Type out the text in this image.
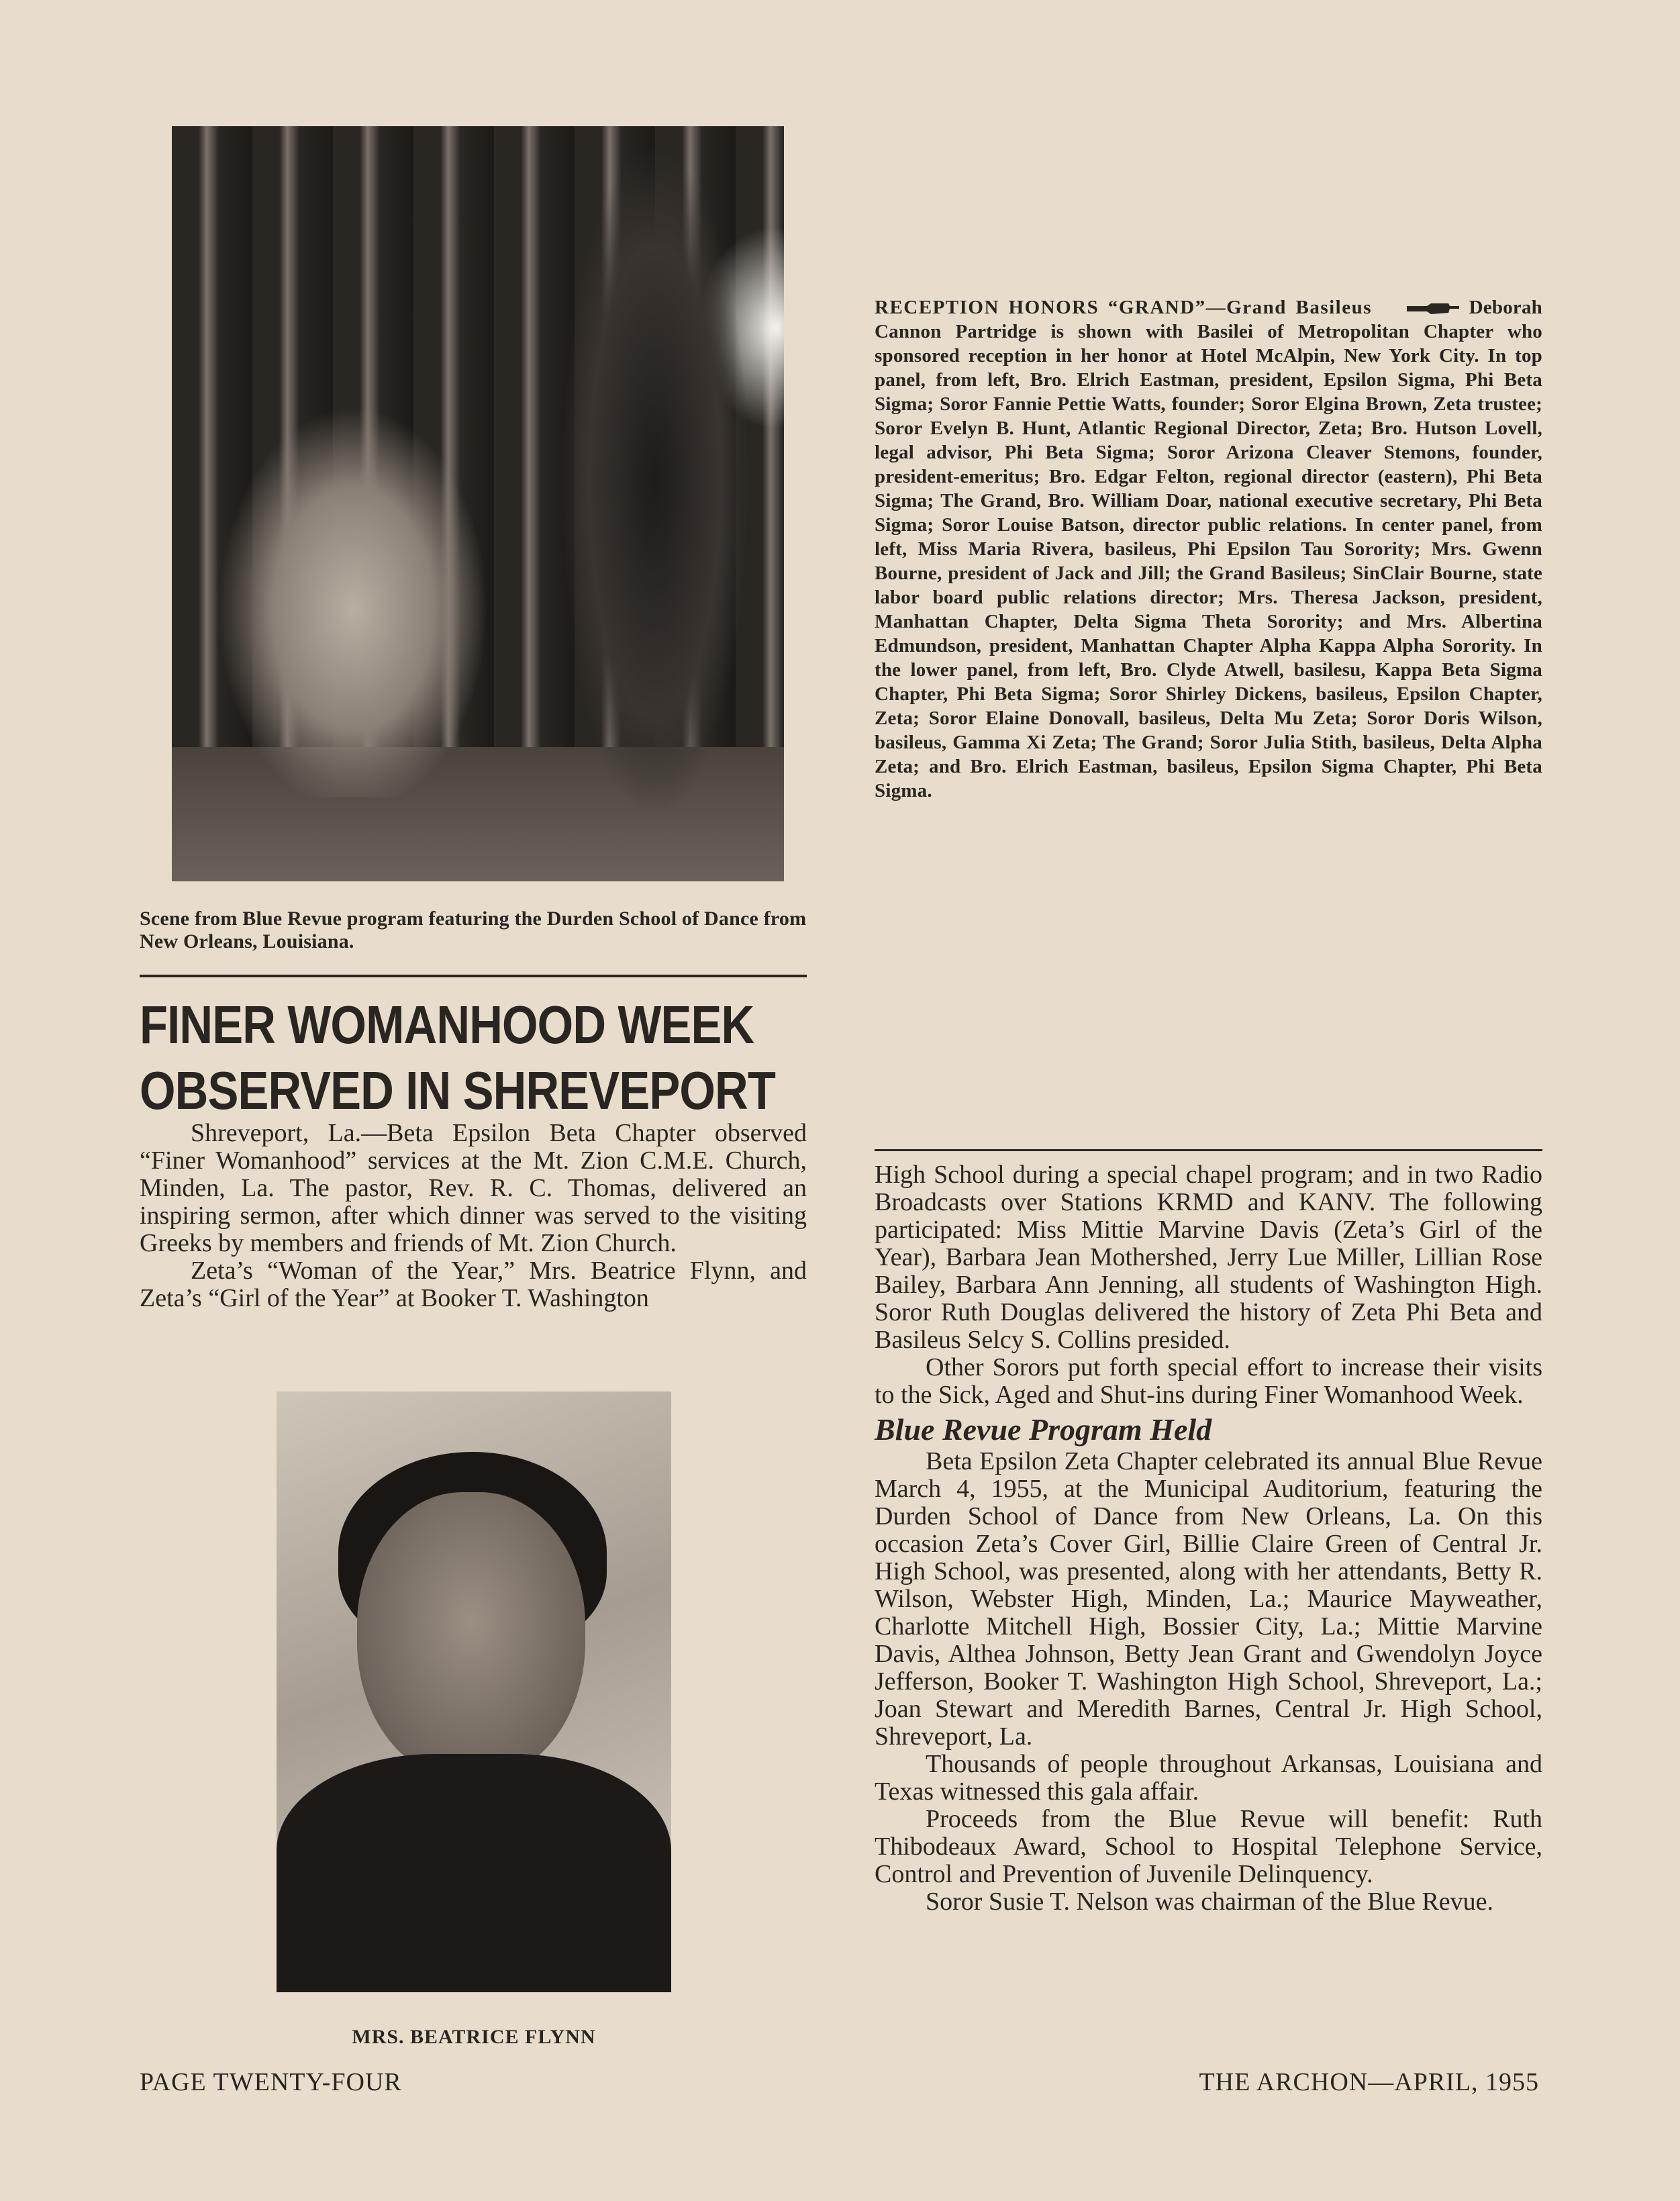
Scene from Blue Revue program featuring the Durden School of Dance from New Orleans, Louisiana.
RECEPTION HONORS “GRAND”—Grand Basileus	Deborah Cannon Partridge is shown with Basilei of Metropolitan Chapter who sponsored reception in her honor at Hotel McAlpin, New York City. In top panel, from left, Bro. Elrich Eastman, president, Epsilon Sigma, Phi Beta Sigma; Soror Fannie Pettie Watts, founder; Soror Elgina Brown, Zeta trustee; Soror Evelyn B. Hunt, Atlantic Regional Director, Zeta; Bro. Hutson Lovell, legal advisor, Phi Beta Sigma; Soror Arizona Cleaver Stemons, founder, president-emeritus; Bro. Edgar Felton, regional director (eastern), Phi Beta Sigma; The Grand, Bro. William Doar, national executive secretary, Phi Beta Sigma; Soror Louise Batson, director public relations. In center panel, from left, Miss Maria Rivera, basileus, Phi Epsilon Tau Sorority; Mrs. Gwenn Bourne, president of Jack and Jill; the Grand Basileus; SinClair Bourne, state labor board public relations director; Mrs. Theresa Jackson, president, Manhattan Chapter, Delta Sigma Theta Sorority; and Mrs. Albertina Edmundson, president, Manhattan Chapter Alpha Kappa Alpha Sorority. In the lower panel, from left, Bro. Clyde Atwell, basilesu, Kappa Beta Sigma Chapter, Phi Beta Sigma; Soror Shirley Dickens, basileus, Epsilon Chapter, Zeta; Soror Elaine Donovall, basileus, Delta Mu Zeta; Soror Doris Wilson, basileus, Gamma Xi Zeta; The Grand; Soror Julia Stith, basileus, Delta Alpha Zeta; and Bro. Elrich Eastman, basileus, Epsilon Sigma Chapter, Phi Beta Sigma.
FINER WOMANHOOD WEEK
OBSERVED IN SHREVEPORT

Shreveport, La.—Beta Epsilon Beta Chapter observed “Finer Womanhood” services at the Mt. Zion C.M.E. Church, Minden, La. The pastor, Rev. R. C. Thomas, delivered an inspiring sermon, after which dinner was served to the visiting Greeks by members and friends of Mt. Zion Church.

Zeta’s “Woman of the Year,” Mrs. Beatrice Flynn, and Zeta’s “Girl of the Year” at Booker T. Washington

MRS. BEATRICE FLYNN

High School during a special chapel program; and in two Radio Broadcasts over Stations KRMD and KANV. The following participated: Miss Mittie Marvine Davis (Zeta’s Girl of the Year), Barbara Jean Mothershed, Jerry Lue Miller, Lillian Rose Bailey, Barbara Ann Jenning, all students of Washington High. Soror Ruth Douglas delivered the history of Zeta Phi Beta and Basileus Selcy S. Collins presided.

Other Sorors put forth special effort to increase their visits to the Sick, Aged and Shut-ins during Finer Womanhood Week.

Blue Revue Program Held

Beta Epsilon Zeta Chapter celebrated its annual Blue Revue March 4, 1955, at the Municipal Auditorium, featuring the Durden School of Dance from New Orleans, La. On this occasion Zeta’s Cover Girl, Billie Claire Green of Central Jr. High School, was presented, along with her attendants, Betty R. Wilson, Webster High, Minden, La.; Maurice Mayweather, Charlotte Mitchell High, Bossier City, La.; Mittie Marvine Davis, Althea Johnson, Betty Jean Grant and Gwendolyn Joyce Jefferson, Booker T. Washington High School, Shreveport, La.; Joan Stewart and Meredith Barnes, Central Jr. High School, Shreveport, La.

Thousands of people throughout Arkansas, Louisiana and Texas witnessed this gala affair.

Proceeds from the Blue Revue will benefit: Ruth Thibodeaux Award, School to Hospital Telephone Service, Control and Prevention of Juvenile Delinquency.

Soror Susie T. Nelson was chairman of the Blue Revue.

PAGE TWENTY-FOUR	THE ARCHON—APRIL, 1955
